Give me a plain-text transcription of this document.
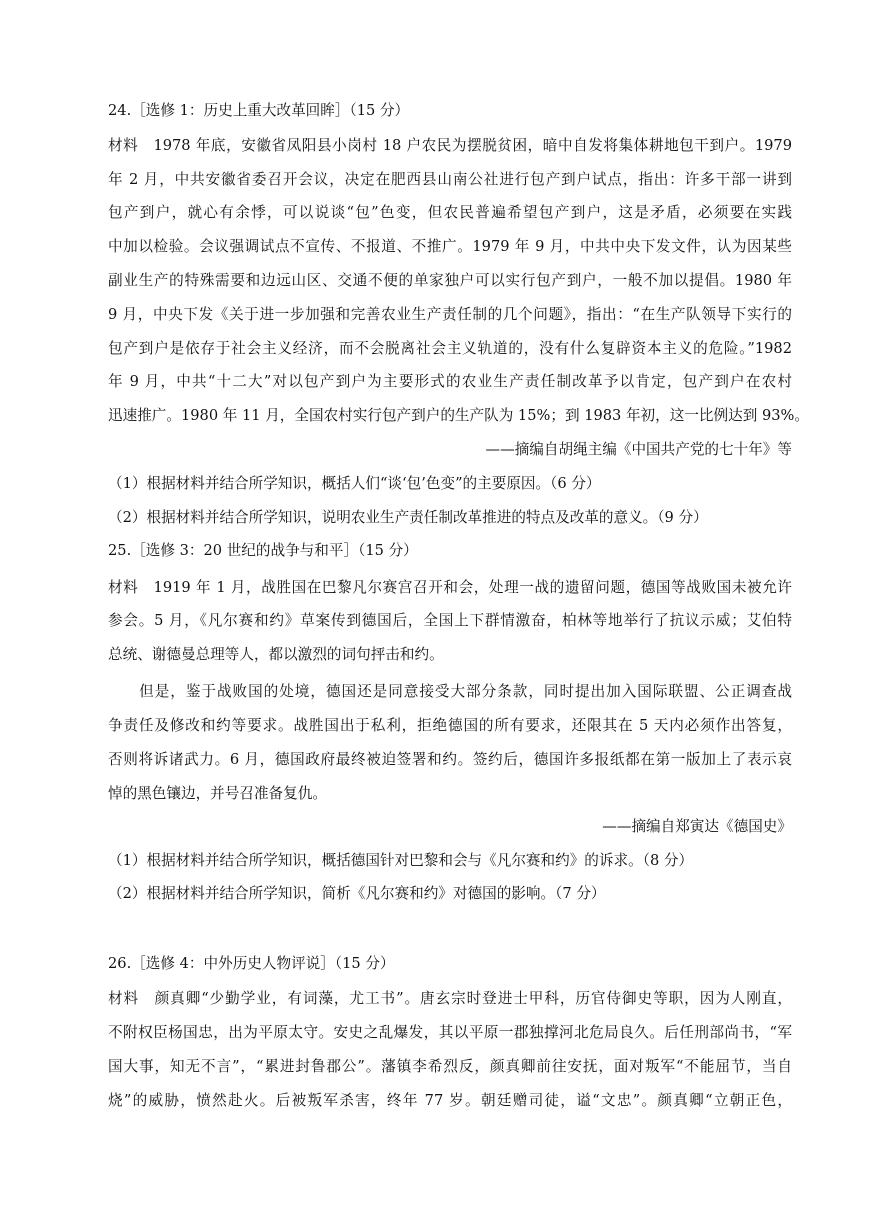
24.［选修 1：历史上重大改革回眸］（15 分）
材料　1978 年底，安徽省凤阳县小岗村 18 户农民为摆脱贫困，暗中自发将集体耕地包干到户。1979
年 2 月，中共安徽省委召开会议，决定在肥西县山南公社进行包产到户试点，指出：许多干部一讲到
包产到户，就心有余悸，可以说谈“包”色变，但农民普遍希望包产到户，这是矛盾，必须要在实践
中加以检验。会议强调试点不宣传、不报道、不推广。1979 年 9 月，中共中央下发文件，认为因某些
副业生产的特殊需要和边远山区、交通不便的单家独户可以实行包产到户，一般不加以提倡。1980 年
9 月，中央下发《关于进一步加强和完善农业生产责任制的几个问题》，指出：“在生产队领导下实行的
包产到户是依存于社会主义经济，而不会脱离社会主义轨道的，没有什么复辟资本主义的危险。”1982
年 9 月，中共“十二大”对以包产到户为主要形式的农业生产责任制改革予以肯定，包产到户在农村
迅速推广。1980 年 11 月，全国农村实行包产到户的生产队为 15%；到 1983 年初，这一比例达到 93%。
——摘编自胡绳主编《中国共产党的七十年》等
（1）根据材料并结合所学知识，概括人们“谈‘包’色变”的主要原因。（6 分）
（2）根据材料并结合所学知识，说明农业生产责任制改革推进的特点及改革的意义。（9 分）
25.［选修 3：20 世纪的战争与和平］（15 分）
材料　1919 年 1 月，战胜国在巴黎凡尔赛宫召开和会，处理一战的遗留问题，德国等战败国未被允许
参会。5 月，《凡尔赛和约》草案传到德国后，全国上下群情激奋，柏林等地举行了抗议示威；艾伯特
总统、谢德曼总理等人，都以激烈的词句抨击和约。
　　但是，鉴于战败国的处境，德国还是同意接受大部分条款，同时提出加入国际联盟、公正调查战
争责任及修改和约等要求。战胜国出于私利，拒绝德国的所有要求，还限其在 5 天内必须作出答复，
否则将诉诸武力。6 月，德国政府最终被迫签署和约。签约后，德国许多报纸都在第一版加上了表示哀
悼的黑色镶边，并号召准备复仇。
——摘编自郑寅达《德国史》
（1）根据材料并结合所学知识，概括德国针对巴黎和会与《凡尔赛和约》的诉求。（8 分）
（2）根据材料并结合所学知识，简析《凡尔赛和约》对德国的影响。（7 分）
26.［选修 4：中外历史人物评说］（15 分）
材料　颜真卿“少勤学业，有词藻，尤工书”。唐玄宗时登进士甲科，历官侍御史等职，因为人刚直，
不附权臣杨国忠，出为平原太守。安史之乱爆发，其以平原一郡独撑河北危局良久。后任刑部尚书，“军
国大事，知无不言”，“累进封鲁郡公”。藩镇李希烈反，颜真卿前往安抚，面对叛军“不能屈节，当自
烧”的威胁，愤然赴火。后被叛军杀害，终年 77 岁。朝廷赠司徒，谥“文忠”。颜真卿“立朝正色，
